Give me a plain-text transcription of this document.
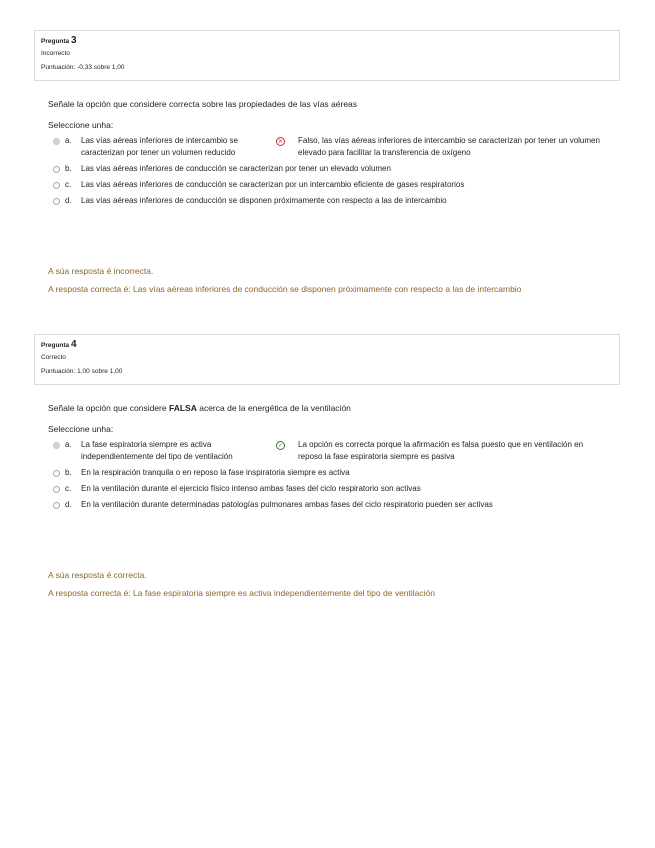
Pregunta 3
Incorrecto
Puntuación: -0,33 sobre 1,00
Señale la opción que considere correcta sobre las propiedades de las vías aéreas
Seleccione unha:
a. Las vías aéreas inferiores de intercambio se caracterizan por tener un volumen reducido
✕ Falso, las vías aéreas inferiores de intercambio se caracterizan por tener un volumen elevado para facilitar la transferencia de oxígeno
b. Las vías aéreas inferiores de conducción se caracterizan por tener un elevado volumen
c. Las vías aéreas inferiores de conducción se caracterizan por un intercambio eficiente de gases respiratorios
d. Las vías aéreas inferiores de conducción se disponen próximamente con respecto a las de intercambio
A súa resposta é incorrecta.
A resposta correcta é: Las vías aéreas inferiores de conducción se disponen próximamente con respecto a las de intercambio
Pregunta 4
Correcto
Puntuación: 1,00 sobre 1,00
Señale la opción que considere FALSA acerca de la energética de la ventilación
Seleccione unha:
a. La fase espiratoria siempre es activa independientemente del tipo de ventilación
✓ La opción es correcta porque la afirmación es falsa puesto que en ventilación en reposo la fase espiratoria siempre es pasiva
b. En la respiración tranquila o en reposo la fase inspiratoria siempre es activa
c. En la ventilación durante el ejercicio físico intenso ambas fases del ciclo respiratorio son activas
d. En la ventilación durante determinadas patologías pulmonares ambas fases del ciclo respiratorio pueden ser activas
A súa resposta é correcta.
A resposta correcta é: La fase espiratoria siempre es activa independientemente del tipo de ventilación
